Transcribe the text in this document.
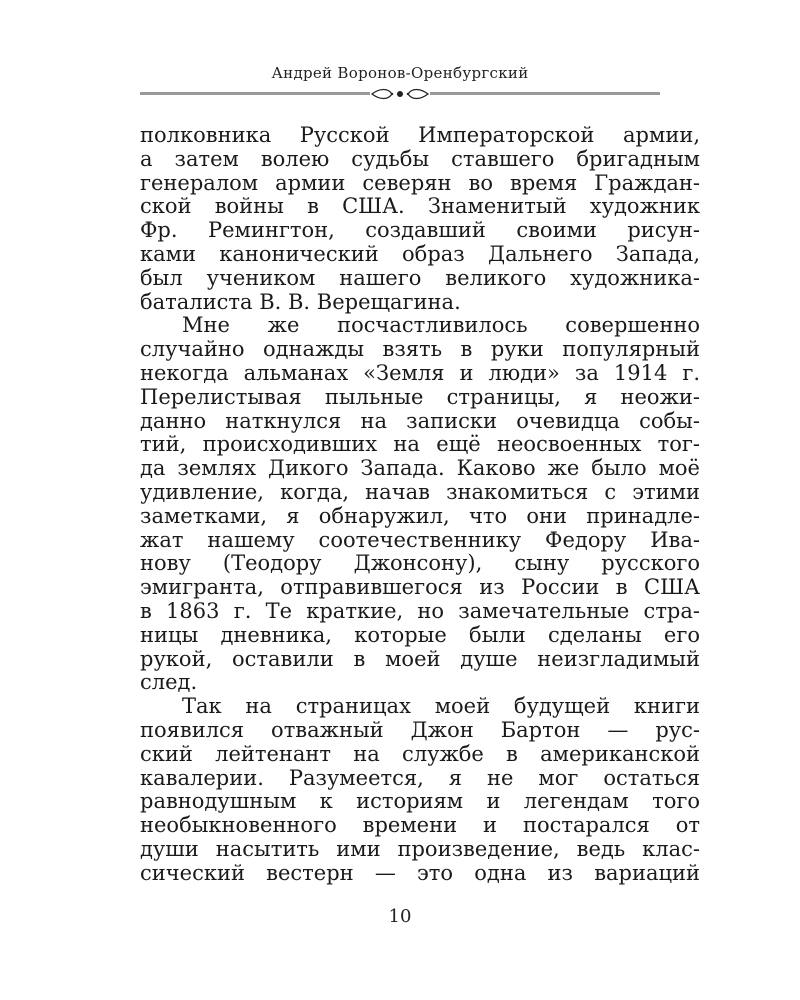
Андрей Воронов-Оренбургский
полковника Русской Императорской армии,
а затем волею судьбы ставшего бригадным
генералом армии северян во время Граждан-
ской войны в США. Знаменитый художник
Фр. Ремингтон, создавший своими рисун-
ками канонический образ Дальнего Запада,
был учеником нашего великого художника-
баталиста В. В. Верещагина.
Мне же посчастливилось совершенно
случайно однажды взять в руки популярный
некогда альманах «Земля и люди» за 1914 г.
Перелистывая пыльные страницы, я неожи-
данно наткнулся на записки очевидца собы-
тий, происходивших на ещё неосвоенных тог-
да землях Дикого Запада. Каково же было моё
удивление, когда, начав знакомиться с этими
заметками, я обнаружил, что они принадле-
жат нашему соотечественнику Федору Ива-
нову (Теодору Джонсону), сыну русского
эмигранта, отправившегося из России в США
в 1863 г. Те краткие, но замечательные стра-
ницы дневника, которые были сделаны его
рукой, оставили в моей душе неизгладимый
след.
Так на страницах моей будущей книги
появился отважный Джон Бартон — рус-
ский лейтенант на службе в американской
кавалерии. Разумеется, я не мог остаться
равнодушным к историям и легендам того
необыкновенного времени и постарался от
души насытить ими произведение, ведь клас-
сический вестерн — это одна из вариаций
10
